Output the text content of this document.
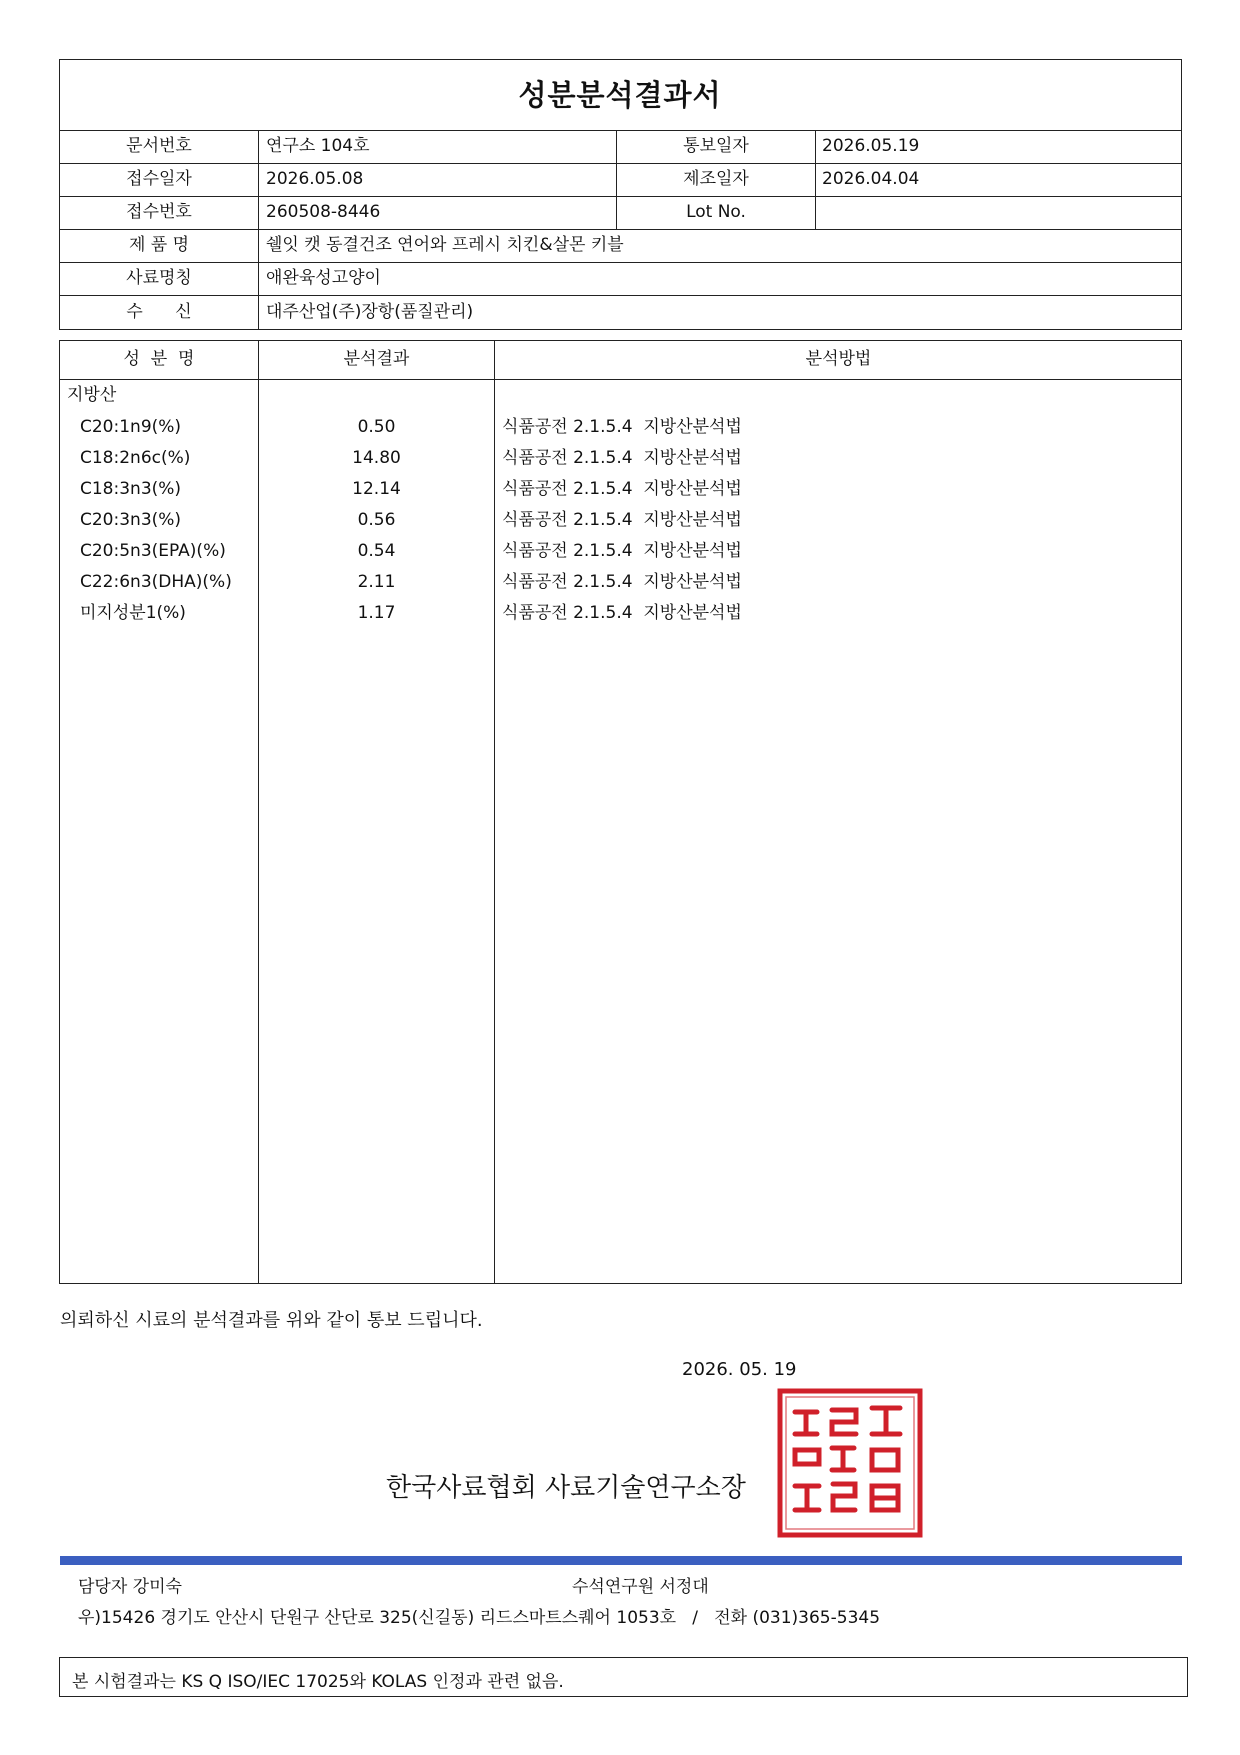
성분분석결과서
문서번호	연구소 104호	통보일자	2026.05.19
접수일자	2026.05.08	제조일자	2026.04.04
접수번호	260508-8446	Lot No.
제 품 명	쉘잇 캣 동결건조 연어와 프레시 치킨&살몬 키블
사료명칭	애완육성고양이
수      신	대주산업(주)장항(품질관리)
성  분  명	분석결과	분석방법
지방산
C20:1n9(%)	0.50	식품공전 2.1.5.4  지방산분석법
C18:2n6c(%)	14.80	식품공전 2.1.5.4  지방산분석법
C18:3n3(%)	12.14	식품공전 2.1.5.4  지방산분석법
C20:3n3(%)	0.56	식품공전 2.1.5.4  지방산분석법
C20:5n3(EPA)(%)	0.54	식품공전 2.1.5.4  지방산분석법
C22:6n3(DHA)(%)	2.11	식품공전 2.1.5.4  지방산분석법
미지성분1(%)	1.17	식품공전 2.1.5.4  지방산분석법
의뢰하신 시료의 분석결과를 위와 같이 통보 드립니다.
2026. 05. 19
한국사료협회 사료기술연구소장
담당자 강미숙	수석연구원 서정대
우)15426 경기도 안산시 단원구 산단로 325(신길동) 리드스마트스퀘어 1053호   /   전화 (031)365-5345
본 시험결과는 KS Q ISO/IEC 17025와 KOLAS 인정과 관련 없음.
